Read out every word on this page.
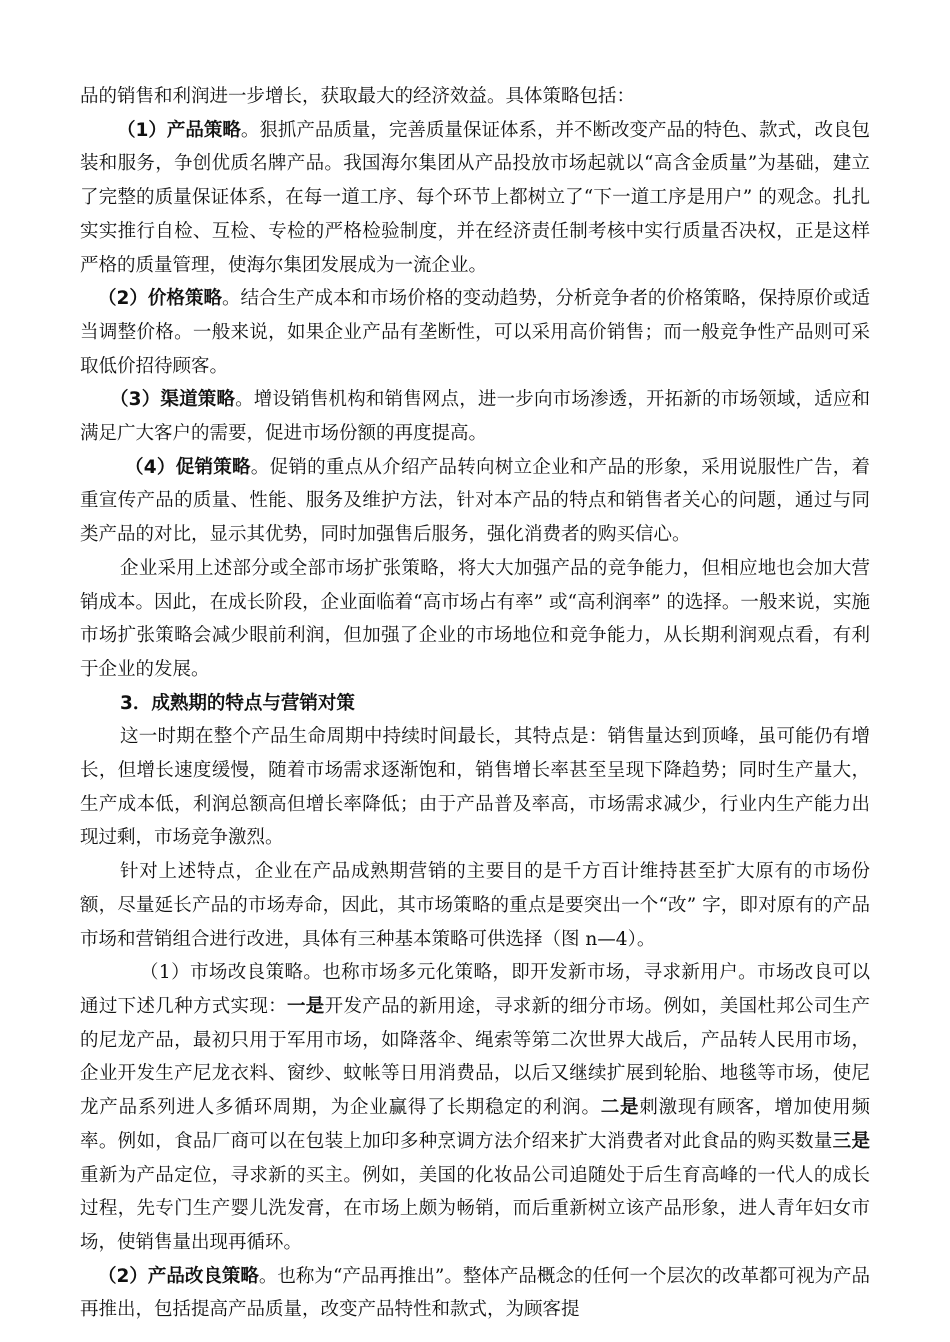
品的销售和利润进一步增长，获取最大的经济效益。具体策略包括：

（1）产品策略。狠抓产品质量，完善质量保证体系，并不断改变产品的特色、款式，改良包装和服务，争创优质名牌产品。我国海尔集团从产品投放市场起就以“高含金质量”为基础，建立了完整的质量保证体系，在每一道工序、每个环节上都树立了“下一道工序是用户” 的观念。扎扎实实推行自检、互检、专检的严格检验制度，并在经济责任制考核中实行质量否决权，正是这样严格的质量管理，使海尔集团发展成为一流企业。

（2）价格策略。结合生产成本和市场价格的变动趋势，分析竞争者的价格策略，保持原价或适当调整价格。一般来说，如果企业产品有垄断性，可以采用高价销售；而一般竞争性产品则可采取低价招待顾客。

（3）渠道策略。增设销售机构和销售网点，进一步向市场渗透，开拓新的市场领域，适应和满足广大客户的需要，促进市场份额的再度提高。

（4）促销策略。促销的重点从介绍产品转向树立企业和产品的形象，采用说服性广告，着重宣传产品的质量、性能、服务及维护方法，针对本产品的特点和销售者关心的问题，通过与同类产品的对比，显示其优势，同时加强售后服务，强化消费者的购买信心。

企业采用上述部分或全部市场扩张策略，将大大加强产品的竞争能力，但相应地也会加大营销成本。因此，在成长阶段，企业面临着“高市场占有率” 或“高利润率” 的选择。一般来说，实施市场扩张策略会减少眼前利润，但加强了企业的市场地位和竞争能力，从长期利润观点看，有利于企业的发展。

3．成熟期的特点与营销对策

这一时期在整个产品生命周期中持续时间最长，其特点是：销售量达到顶峰，虽可能仍有增长，但增长速度缓慢，随着市场需求逐渐饱和，销售增长率甚至呈现下降趋势；同时生产量大，生产成本低，利润总额高但增长率降低；由于产品普及率高，市场需求减少，行业内生产能力出现过剩，市场竞争激烈。

针对上述特点，企业在产品成熟期营销的主要目的是千方百计维持甚至扩大原有的市场份额，尽量延长产品的市场寿命，因此，其市场策略的重点是要突出一个“改” 字，即对原有的产品市场和营销组合进行改进，具体有三种基本策略可供选择（图 n—4）。

（1）市场改良策略。也称市场多元化策略，即开发新市场，寻求新用户。市场改良可以通过下述几种方式实现：一是开发产品的新用途，寻求新的细分市场。例如，美国杜邦公司生产的尼龙产品，最初只用于军用市场，如降落伞、绳索等第二次世界大战后，产品转人民用市场，企业开发生产尼龙衣料、窗纱、蚊帐等日用消费品，以后又继续扩展到轮胎、地毯等市场，使尼龙产品系列进人多循环周期，为企业赢得了长期稳定的利润。二是刺激现有顾客，增加使用频率。例如，食品厂商可以在包装上加印多种烹调方法介绍来扩大消费者对此食品的购买数量三是重新为产品定位，寻求新的买主。例如，美国的化妆品公司追随处于后生育高峰的一代人的成长过程，先专门生产婴儿洗发膏，在市场上颇为畅销，而后重新树立该产品形象，进人青年妇女市场，使销售量出现再循环。

（2）产品改良策略。也称为“产品再推出”。整体产品概念的任何一个层次的改革都可视为产品再推出，包括提高产品质量，改变产品特性和款式，为顾客提
